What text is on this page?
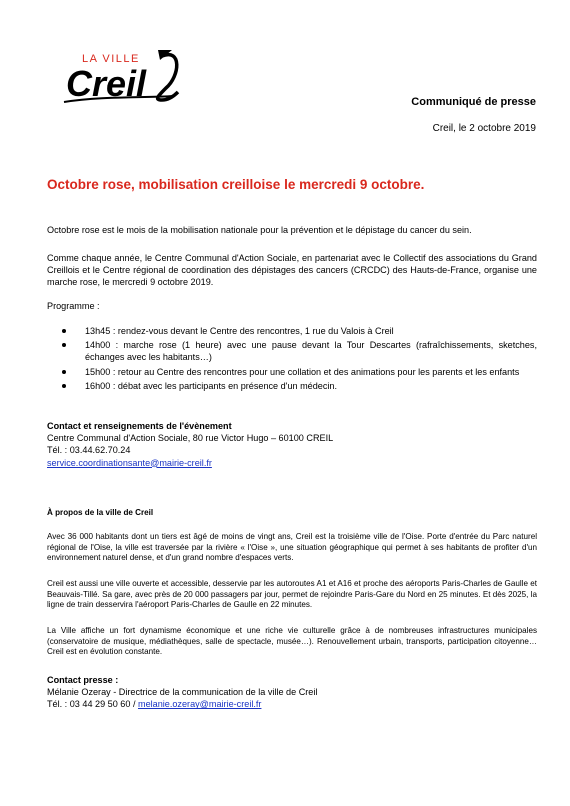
LA VILLE
Creil	Communiqué de presse
Creil, le 2 octobre 2019
Octobre rose, mobilisation creilloise le mercredi 9 octobre.
Octobre rose est le mois de la mobilisation nationale pour la prévention et le dépistage du cancer du sein.
Comme chaque année, le Centre Communal d'Action Sociale, en partenariat avec le Collectif des associations du Grand Creillois et le Centre régional de coordination des dépistages des cancers (CRCDC) des Hauts-de-France, organise une marche rose, le mercredi 9 octobre 2019.
Programme :
13h45 : rendez-vous devant le Centre des rencontres, 1 rue du Valois à Creil
14h00 : marche rose (1 heure) avec une pause devant la Tour Descartes (rafraîchissements, sketches, échanges avec les habitants…)
15h00 : retour au Centre des rencontres pour une collation et des animations pour les parents et les enfants
16h00 : débat avec les participants en présence d'un médecin.

Contact et renseignements de l'évènement

Centre Communal d'Action Sociale, 80 rue Victor Hugo – 60100 CREIL

Tél. : 03.44.62.70.24

service.coordinationsante@mairie-creil.fr

À propos de la ville de Creil

Avec 36 000 habitants dont un tiers est âgé de moins de vingt ans, Creil est la troisième ville de l'Oise. Porte d'entrée du Parc naturel régional de l'Oise, la ville est traversée par la rivière « l'Oise », une situation géographique qui permet à ses habitants de profiter d'un environnement naturel dense, et d'un grand nombre d'espaces verts.
Creil est aussi une ville ouverte et accessible, desservie par les autoroutes A1 et A16 et proche des aéroports Paris-Charles de Gaulle et Beauvais-Tillé. Sa gare, avec près de 20 000 passagers par jour, permet de rejoindre Paris-Gare du Nord en 25 minutes. Et dès 2025, la ligne de train desservira l'aéroport Paris-Charles de Gaulle en 22 minutes.
La Ville affiche un fort dynamisme économique et une riche vie culturelle grâce à de nombreuses infrastructures municipales (conservatoire de musique, médiathèques, salle de spectacle, musée…). Renouvellement urbain, transports, participation citoyenne… Creil est en évolution constante.

Contact presse :

Mélanie Ozeray - Directrice de la communication de la ville de Creil

Tél. : 03 44 29 50 60 / melanie.ozeray@mairie-creil.fr
